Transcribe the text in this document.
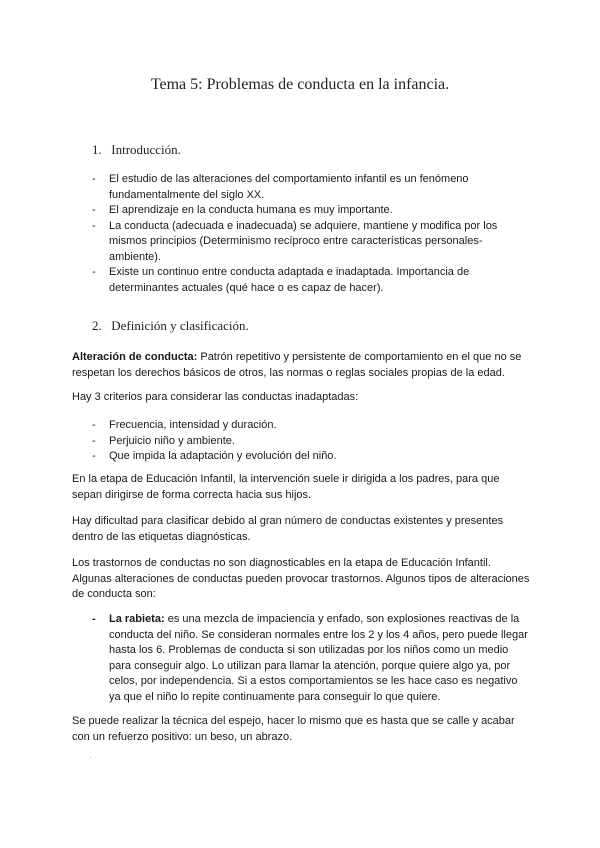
Tema 5: Problemas de conducta en la infancia.
1. Introducción.
- El estudio de las alteraciones del comportamiento infantil es un fenómeno fundamentalmente del siglo XX.
- El aprendizaje en la conducta humana es muy importante.
- La conducta (adecuada e inadecuada) se adquiere, mantiene y modifica por los mismos principios (Determinismo recíproco entre características personales-ambiente).
- Existe un continuo entre conducta adaptada e inadaptada. Importancia de determinantes actuales (qué hace o es capaz de hacer).
2. Definición y clasificación.

Alteración de conducta: Patrón repetitivo y persistente de comportamiento en el que no se respetan los derechos básicos de otros, las normas o reglas sociales propias de la edad.

Hay 3 criterios para considerar las conductas inadaptadas:

- Frecuencia, intensidad y duración.
- Perjuicio niño y ambiente.
- Que impida la adaptación y evolución del niño.

En la etapa de Educación Infantil, la intervención suele ir dirigida a los padres, para que sepan dirigirse de forma correcta hacia sus hijos.

Hay dificultad para clasificar debido al gran número de conductas existentes y presentes dentro de las etiquetas diagnósticas.

Los trastornos de conductas no son diagnosticables en la etapa de Educación Infantil. Algunas alteraciones de conductas pueden provocar trastornos. Algunos tipos de alteraciones de conducta son:

-	La rabieta: es una mezcla de impaciencia y enfado, son explosiones reactivas de la conducta del niño. Se consideran normales entre los 2 y los 4 años, pero puede llegar hasta los 6. Problemas de conducta si son utilizadas por los niños como un medio para conseguir algo. Lo utilizan para llamar la atención, porque quiere algo ya, por celos, por independencia. Si a estos comportamientos se les hace caso es negativo ya que el niño lo repite continuamente para conseguir lo que quiere.

Se puede realizar la técnica del espejo, hacer lo mismo que es hasta que se calle y acabar con un refuerzo positivo: un beso, un abrazo.
